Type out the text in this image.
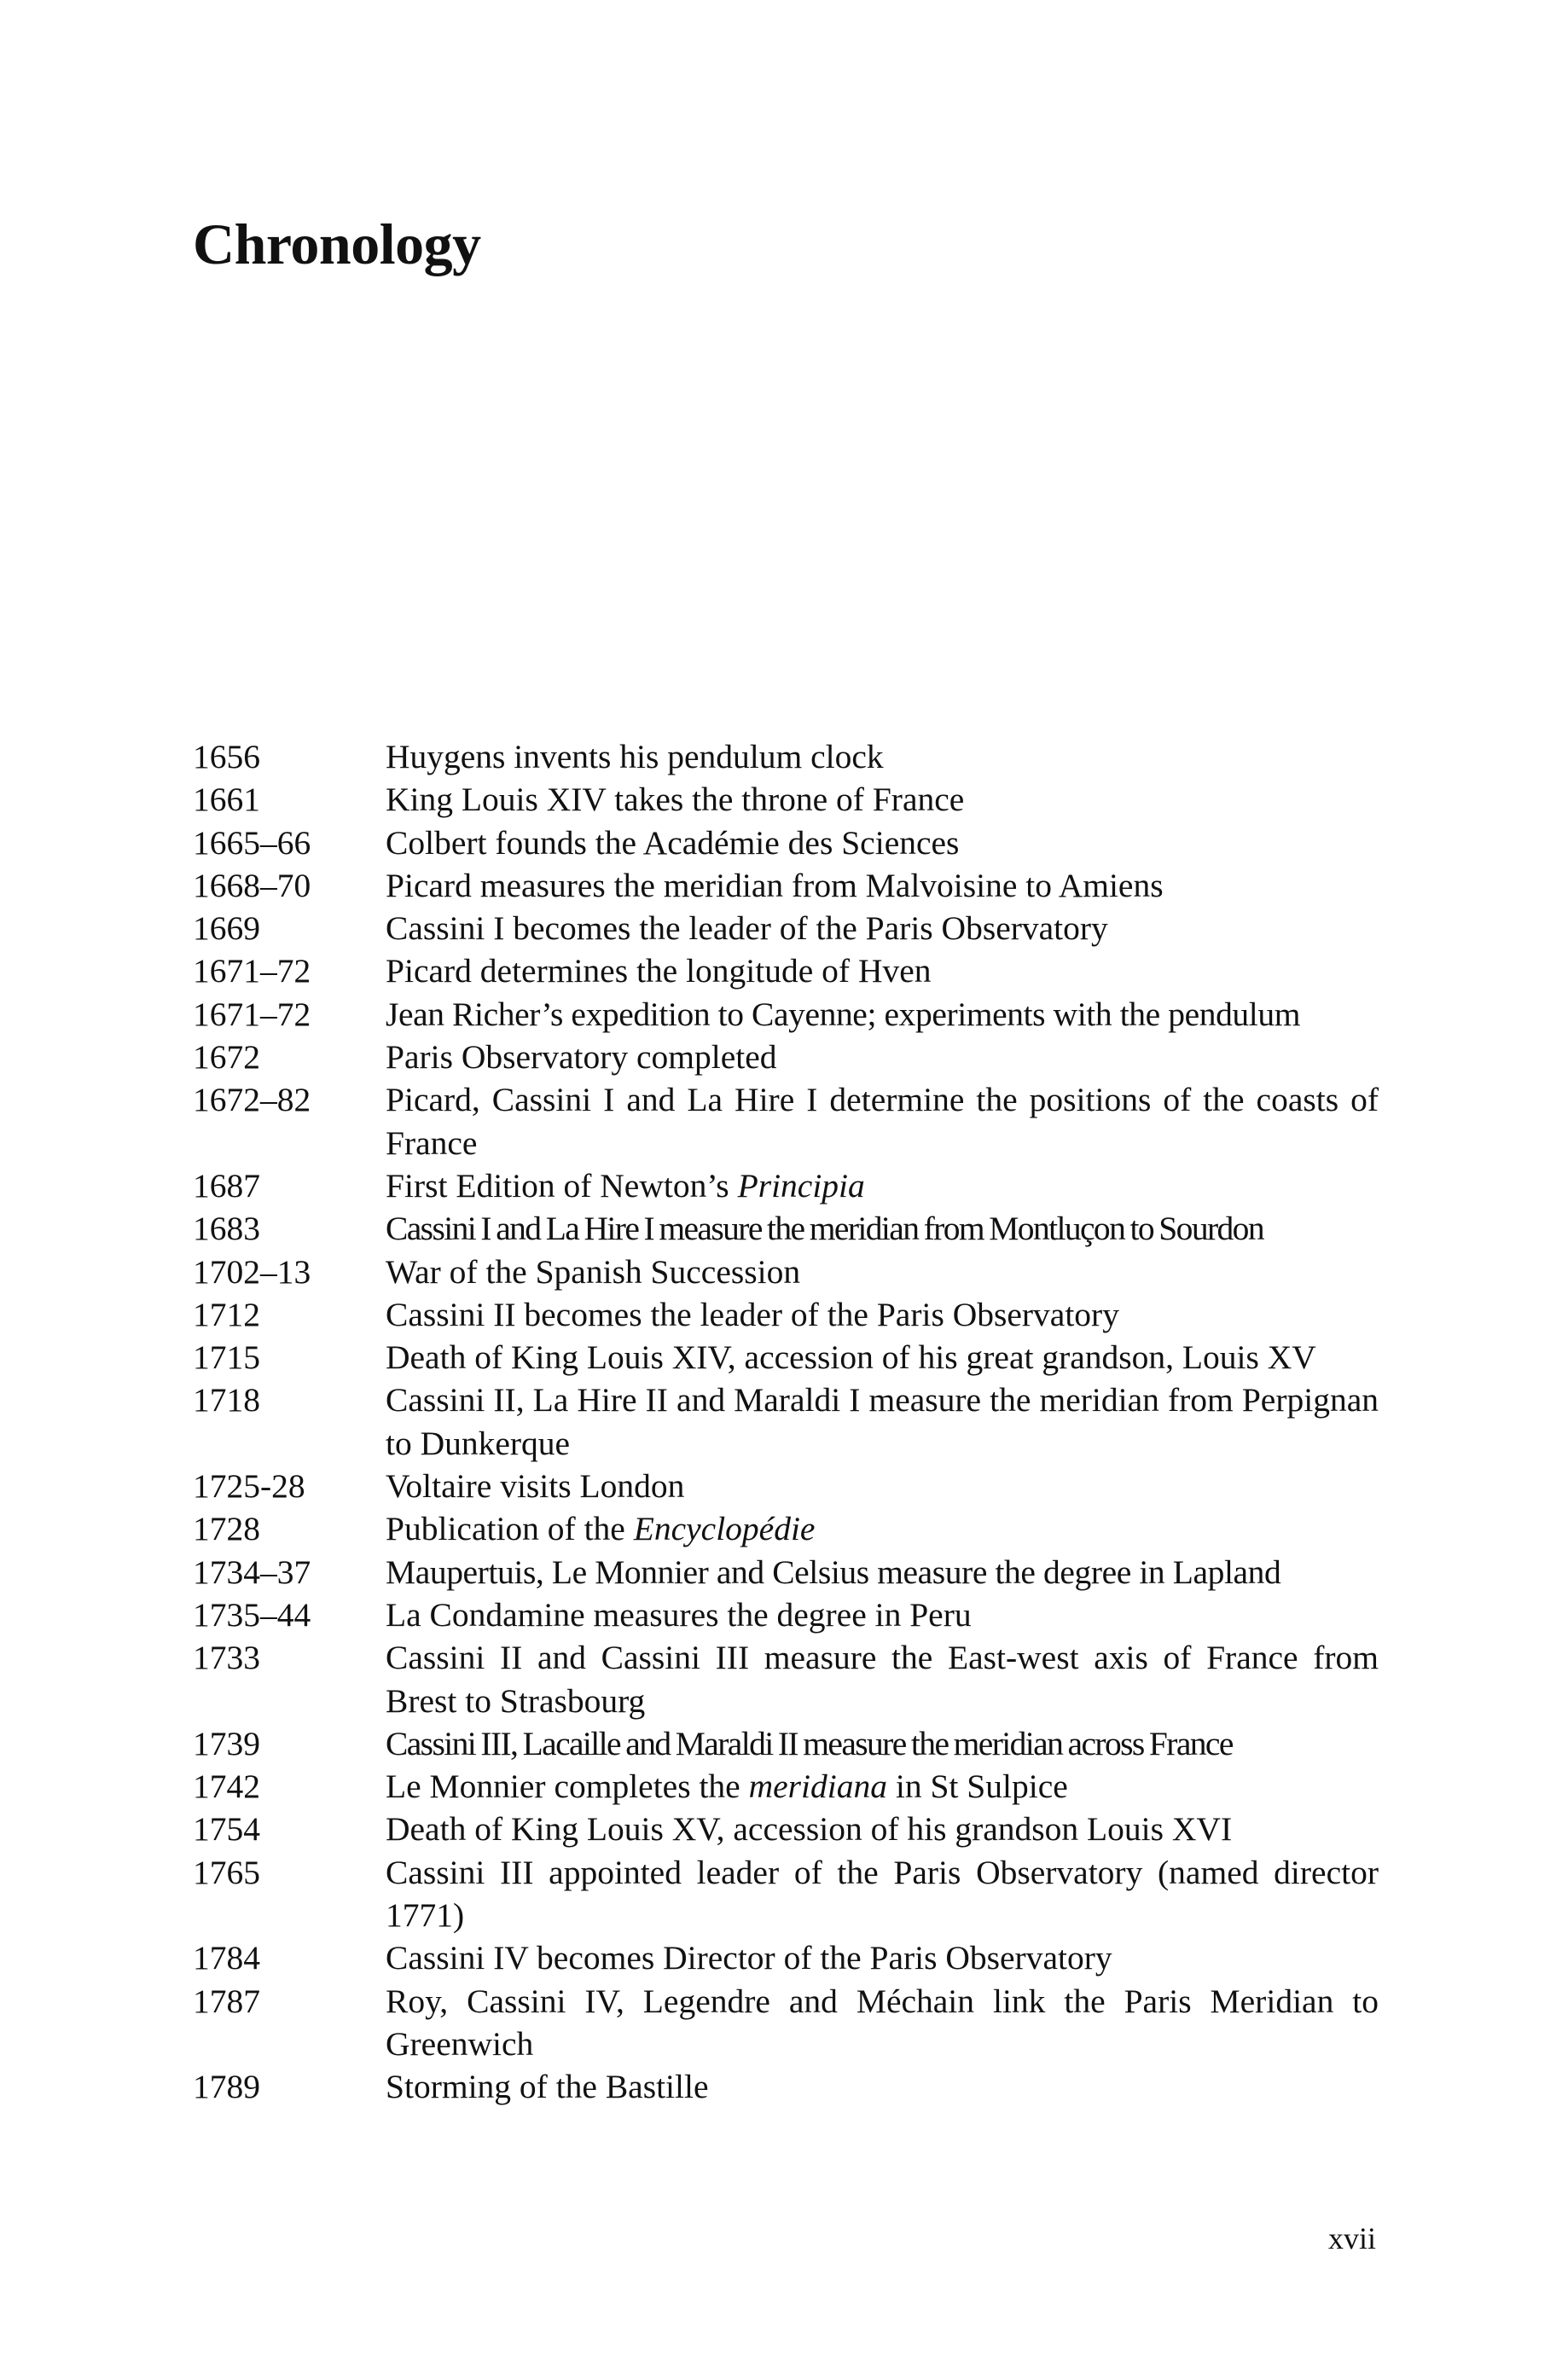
Chronology
1656	Huygens invents his pendulum clock
1661	King Louis XIV takes the throne of France
1665–66	Colbert founds the Académie des Sciences
1668–70	Picard measures the meridian from Malvoisine to Amiens
1669	Cassini I becomes the leader of the Paris Observatory
1671–72	Picard determines the longitude of Hven
1671–72	Jean Richer’s expedition to Cayenne; experiments with the pendulum
1672	Paris Observatory completed
1672–82	Picard, Cassini I and La Hire I determine the positions of the coasts of France
1687	First Edition of Newton’s Principia
1683	Cassini I and La Hire I measure the meridian from Montluçon to Sourdon
1702–13	War of the Spanish Succession
1712	Cassini II becomes the leader of the Paris Observatory
1715	Death of King Louis XIV, accession of his great grandson, Louis XV
1718	Cassini II, La Hire II and Maraldi I measure the meridian from Perpignan to Dunkerque
1725-28	Voltaire visits London
1728	Publication of the Encyclopédie
1734–37	Maupertuis, Le Monnier and Celsius measure the degree in Lapland
1735–44	La Condamine measures the degree in Peru
1733	Cassini II and Cassini III measure the East-west axis of France from Brest to Strasbourg
1739	Cassini III, Lacaille and Maraldi II measure the meridian across France
1742	Le Monnier completes the meridiana in St Sulpice
1754	Death of King Louis XV, accession of his grandson Louis XVI
1765	Cassini III appointed leader of the Paris Observatory (named director 1771)
1784	Cassini IV becomes Director of the Paris Observatory
1787	Roy, Cassini IV, Legendre and Méchain link the Paris Meridian to Greenwich
1789	Storming of the Bastille
xvii
